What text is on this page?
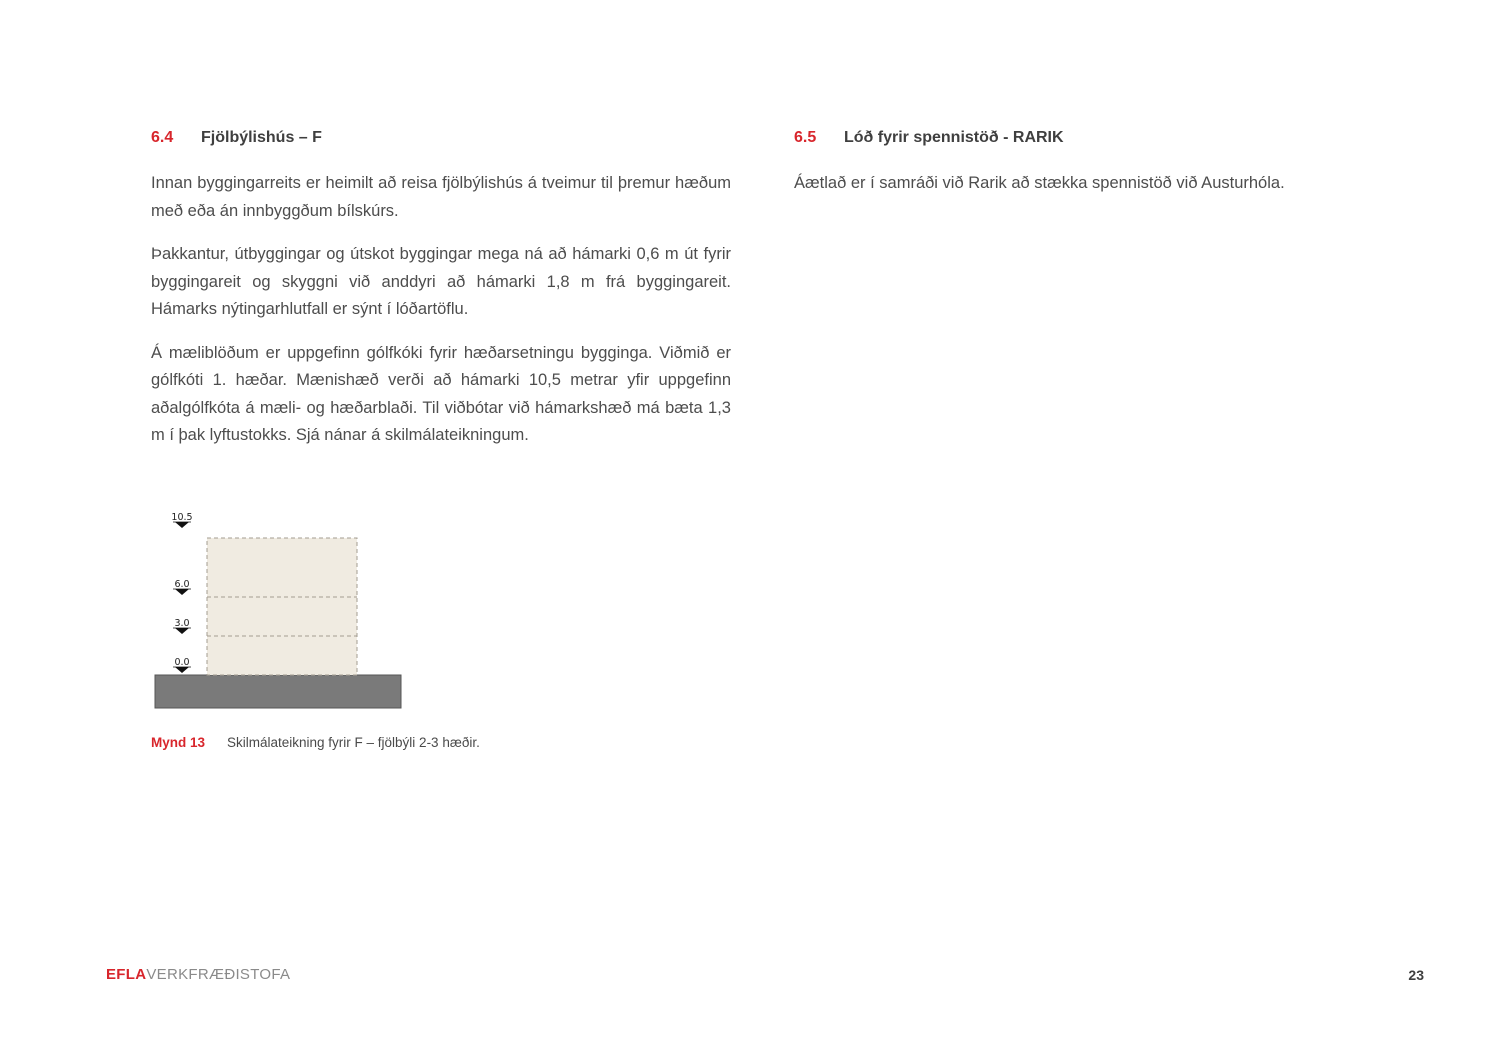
6.4	Fjölbýlishús – F

Innan byggingarreits er heimilt að reisa fjölbýlishús á tveimur til þremur hæðum með eða án innbyggðum bílskúrs.

Þakkantur, útbyggingar og útskot byggingar mega ná að hámarki 0,6 m út fyrir byggingareit og skyggni við anddyri að hámarki 1,8 m frá byggingareit. Hámarks nýtingarhlutfall er sýnt í lóðartöflu.

Á mæliblöðum er uppgefinn gólfkóki fyrir hæðarsetningu bygginga. Viðmið er gólfkóti 1. hæðar. Mænishæð verði að hámarki 10,5 metrar yfir uppgefinn aðalgólfkóta á mæli- og hæðarblaði. Til viðbótar við hámarkshæð má bæta 1,3 m í þak lyftustokks. Sjá nánar á skilmálateikningum.

6.5	Lóð fyrir spennistöð - RARIK

Áætlað er í samráði við Rarik að stækka spennistöð við Austurhóla.

10.5
6.0
3.0
0.0
Mynd 13	Skilmálateikning fyrir F – fjölbýli 2-3 hæðir.
EFLAVERKFRÆÐISTOFA	23
